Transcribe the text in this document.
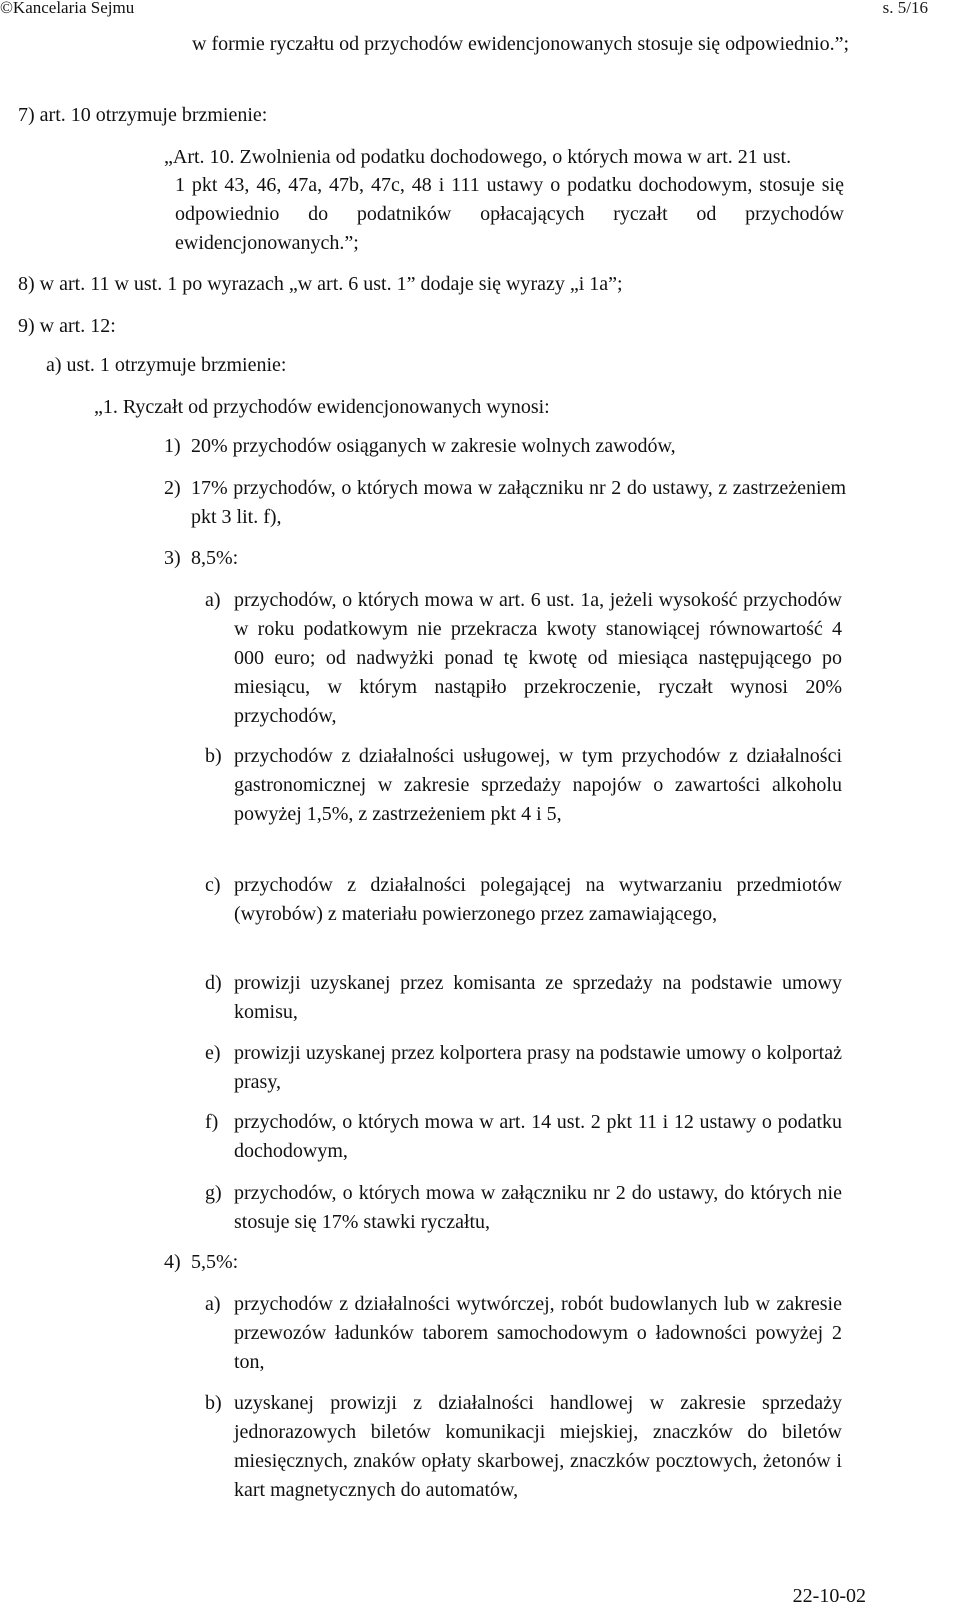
©Kancelaria Sejmu	s. 5/16

w formie ryczałtu od przychodów ewidencjonowanych stosuje się odpowiednio.”;

7) art. 10 otrzymuje brzmienie:

„Art. 10. Zwolnienia od podatku dochodowego, o których mowa w art. 21 ust.

1 pkt 43, 46, 47a, 47b, 47c, 48 i 111 ustawy o podatku dochodowym, stosuje się odpowiednio do podatników opłacających ryczałt od przychodów ewidencjonowanych.”;

8) w art. 11 w ust. 1 po wyrazach „w art. 6 ust. 1” dodaje się wyrazy „i 1a”;

9) w art. 12:

a) ust. 1 otrzymuje brzmienie:

„1. Ryczałt od przychodów ewidencjonowanych wynosi:

1) 20% przychodów osiąganych w zakresie wolnych zawodów,

2) 17% przychodów, o których mowa w załączniku nr 2 do ustawy, z zastrzeżeniem pkt 3 lit. f),

3) 8,5%:

a) przychodów, o których mowa w art. 6 ust. 1a, jeżeli wysokość przychodów w roku podatkowym nie przekracza kwoty stanowiącej równowartość 4 000 euro; od nadwyżki ponad tę kwotę od miesiąca następującego po miesiącu, w którym nastąpiło przekroczenie, ryczałt wynosi 20% przychodów,

b) przychodów z działalności usługowej, w tym przychodów z działalności gastronomicznej w zakresie sprzedaży napojów o zawartości alkoholu powyżej 1,5%, z zastrzeżeniem pkt 4 i 5,

c) przychodów z działalności polegającej na wytwarzaniu przedmiotów (wyrobów) z materiału powierzonego przez zamawiającego,

d) prowizji uzyskanej przez komisanta ze sprzedaży na podstawie umowy komisu,

e) prowizji uzyskanej przez kolportera prasy na podstawie umowy o kolportaż prasy,

f) przychodów, o których mowa w art. 14 ust. 2 pkt 11 i 12 ustawy o podatku dochodowym,

g) przychodów, o których mowa w załączniku nr 2 do ustawy, do których nie stosuje się 17% stawki ryczałtu,

4) 5,5%:

a) przychodów z działalności wytwórczej, robót budowlanych lub w zakresie przewozów ładunków taborem samochodowym o ładowności powyżej 2 ton,

b) uzyskanej prowizji z działalności handlowej w zakresie sprzedaży jednorazowych biletów komunikacji miejskiej, znaczków do biletów miesięcznych, znaków opłaty skarbowej, znaczków pocztowych, żetonów i kart magnetycznych do automatów,

22-10-02
